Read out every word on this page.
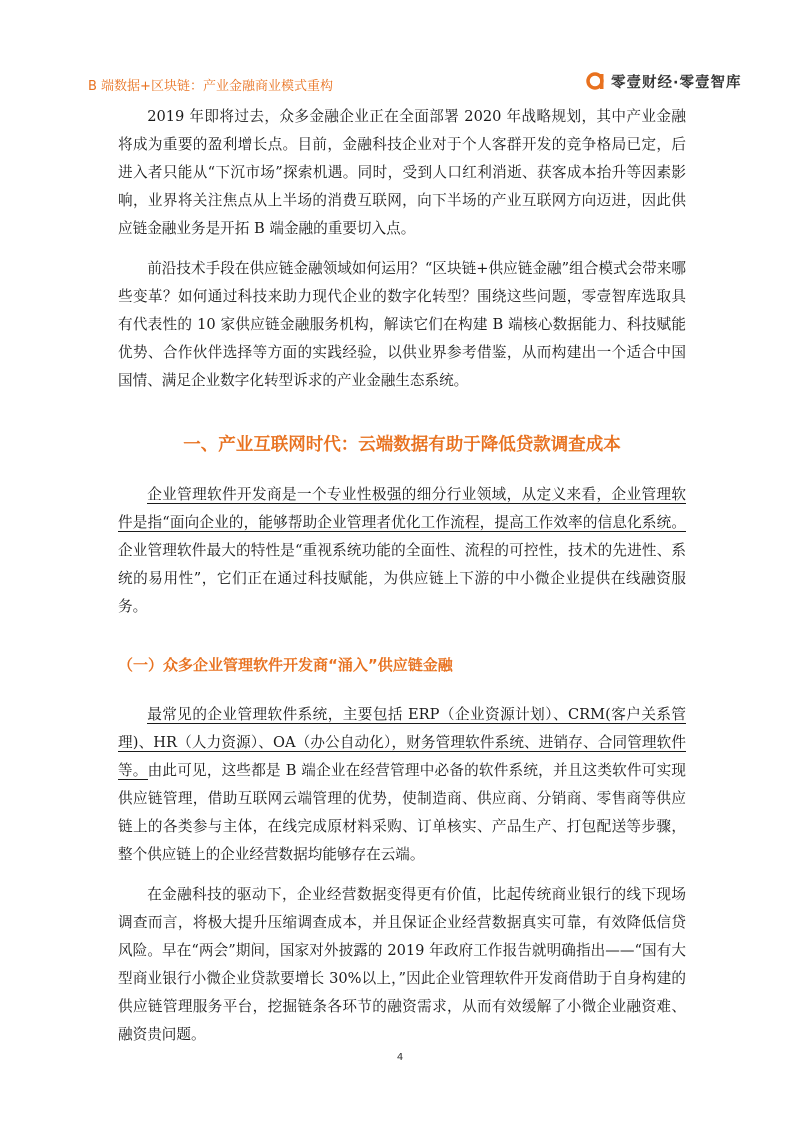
B 端数据+区块链：产业金融商业模式重构	零壹财经·零壹智库

2019 年即将过去，众多金融企业正在全面部署 2020 年战略规划，其中产业金融将成为重要的盈利增长点。目前，金融科技企业对于个人客群开发的竞争格局已定，后进入者只能从“下沉市场”探索机遇。同时，受到人口红利消逝、获客成本抬升等因素影响，业界将关注焦点从上半场的消费互联网，向下半场的产业互联网方向迈进，因此供应链金融业务是开拓 B 端金融的重要切入点。

前沿技术手段在供应链金融领域如何运用？“区块链+供应链金融”组合模式会带来哪些变革？如何通过科技来助力现代企业的数字化转型？围绕这些问题，零壹智库选取具有代表性的 10 家供应链金融服务机构，解读它们在构建 B 端核心数据能力、科技赋能优势、合作伙伴选择等方面的实践经验，以供业界参考借鉴，从而构建出一个适合中国国情、满足企业数字化转型诉求的产业金融生态系统。

一、产业互联网时代：云端数据有助于降低贷款调查成本

企业管理软件开发商是一个专业性极强的细分行业领域，从定义来看，企业管理软件是指“面向企业的，能够帮助企业管理者优化工作流程，提高工作效率的信息化系统。企业管理软件最大的特性是“重视系统功能的全面性、流程的可控性，技术的先进性、系统的易用性”，它们正在通过科技赋能，为供应链上下游的中小微企业提供在线融资服务。

（一）众多企业管理软件开发商“涌入”供应链金融

最常见的企业管理软件系统，主要包括 ERP（企业资源计划）、CRM(客户关系管理)、HR（人力资源）、OA（办公自动化），财务管理软件系统、进销存、合同管理软件等。由此可见，这些都是 B 端企业在经营管理中必备的软件系统，并且这类软件可实现供应链管理，借助互联网云端管理的优势，使制造商、供应商、分销商、零售商等供应链上的各类参与主体，在线完成原材料采购、订单核实、产品生产、打包配送等步骤，整个供应链上的企业经营数据均能够存在云端。

在金融科技的驱动下，企业经营数据变得更有价值，比起传统商业银行的线下现场调查而言，将极大提升压缩调查成本，并且保证企业经营数据真实可靠，有效降低信贷风险。早在“两会”期间，国家对外披露的 2019 年政府工作报告就明确指出——“国有大型商业银行小微企业贷款要增长 30%以上，”因此企业管理软件开发商借助于自身构建的供应链管理服务平台，挖掘链条各环节的融资需求，从而有效缓解了小微企业融资难、融资贵问题。

4
